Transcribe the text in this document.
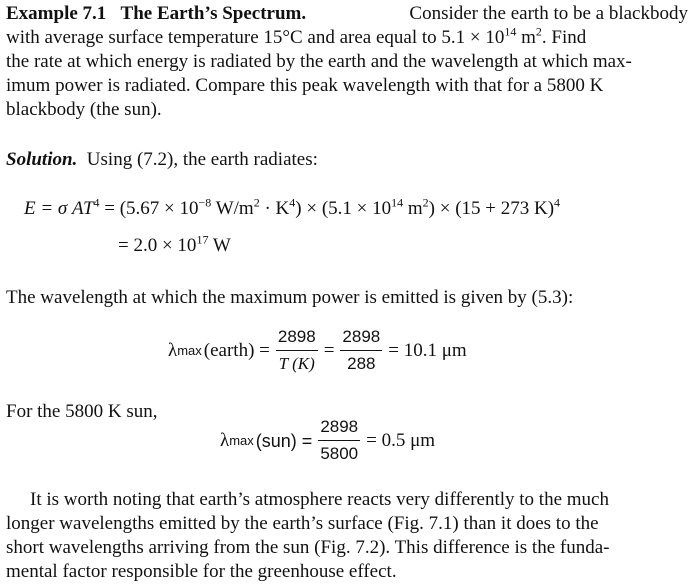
Example 7.1 The Earth’s Spectrum.	Consider the earth to be a blackbody
with average surface temperature 15°C and area equal to $5.1 \times 10^{14}$ $m^2$. Find
the rate at which energy is radiated by the earth and the wavelength at which max-
imum power is radiated. Compare this peak wavelength with that for a 5800 K
blackbody (the sun).
Solution. Using (7.2), the earth radiates:
E = σ $AT^4 = (5.67 \times 10^{-8}$ $W/m^2 \cdot K^4) \times (5.1 \times 10^{14}$ $m^2) \times (15 + 273$ K)$^4$
= $2.0 \times 10^{17}$ W
The wavelength at which the maximum power is emitted is given by (5.3):
λ max (earth) = $\frac{2898}{T (K)} = \frac{2898}{288} = 10.1$ μm
For the 5800 K sun,
λ $\max (sun) = \frac{2898}{5800} = 0.5$ μm
It is worth noting that earth’s atmosphere reacts very differently to the much
longer wavelengths emitted by the earth’s surface (Fig. 7.1) than it does to the
short wavelengths arriving from the sun (Fig. 7.2). This difference is the funda-
mental factor responsible for the greenhouse effect.
